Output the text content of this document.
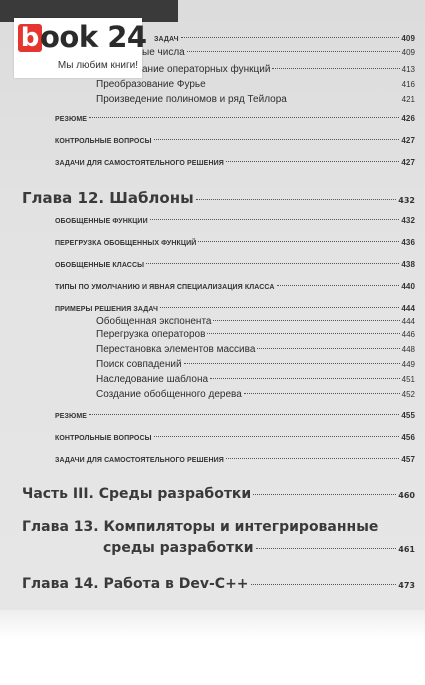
ЗАДАЧ	409
ые числа	409
ание операторных функций	413
Преобразование Фурье	416
Произведение полиномов и ряд Тейлора	421
b ook 24
Мы любим книги!
РЕЗЮМЕ	426
КОНТРОЛЬНЫЕ ВОПРОСЫ	427
ЗАДАЧИ ДЛЯ САМОСТОЯТЕЛЬНОГО РЕШЕНИЯ	427
Глава 12. Шаблоны	432
ОБОБЩЕННЫЕ ФУНКЦИИ	432
ПЕРЕГРУЗКА ОБОБЩЕННЫХ ФУНКЦИЙ	436
ОБОБЩЕННЫЕ КЛАССЫ	438
ТИПЫ ПО УМОЛЧАНИЮ И ЯВНАЯ СПЕЦИАЛИЗАЦИЯ КЛАССА	440
ПРИМЕРЫ РЕШЕНИЯ ЗАДАЧ	444
Обобщенная экспонента	444
Перегрузка операторов	446
Перестановка элементов массива	448
Поиск совпадений	449
Наследование шаблона	451
Создание обобщенного дерева	452
РЕЗЮМЕ	455
КОНТРОЛЬНЫЕ ВОПРОСЫ	456
ЗАДАЧИ ДЛЯ САМОСТОЯТЕЛЬНОГО РЕШЕНИЯ	457
Часть III. Среды разработки	460
Глава 13. Компиляторы и интегрированные
среды разработки	461
Глава 14. Работа в Dev-C++	473
